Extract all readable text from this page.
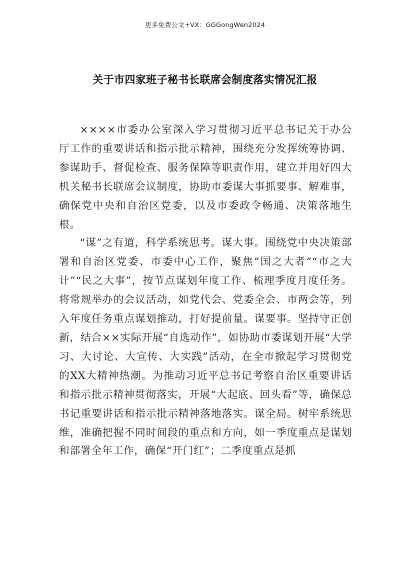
更多免费公文+VX：GGGongWen2024
关于市四家班子秘书长联席会制度落实情况汇报

××××市委办公室深入学习贯彻习近平总书记关于办公厅工作的重要讲话和指示批示精神，围绕充分发挥统筹协调、参谋助手、督促检查、服务保障等职责作用，建立并用好四大机关秘书长联席会议制度，协助市委谋大事抓要事、解难事，确保党中央和自治区党委，以及市委政令畅通、决策落地生根。

“谋”之有道，科学系统思考。谋大事。围绕党中央决策部署和自治区党委、市委中心工作，聚焦“国之大者”“市之大计”“民之大事”，按节点谋划年度工作、梳理季度月度任务。将常规举办的会议活动，如党代会、党委全会、市两会等，列入年度任务重点谋划推动，打好提前量。谋要事。坚持守正创新，结合××实际开展“自选动作”，如协助市委谋划开展“大学习、大讨论、大宣传、大实践”活动，在全市掀起学习贯彻党的XX大精神热潮。为推动习近平总书记考察自治区重要讲话和指示批示精神贯彻落实，开展“大起底、回头看”等，确保总书记重要讲话和指示批示精神落地落实。谋全局。树牢系统思维，准确把握不同时间段的重点和方向，如一季度重点是谋划和部署全年工作，确保“开门红”；二季度重点是抓
